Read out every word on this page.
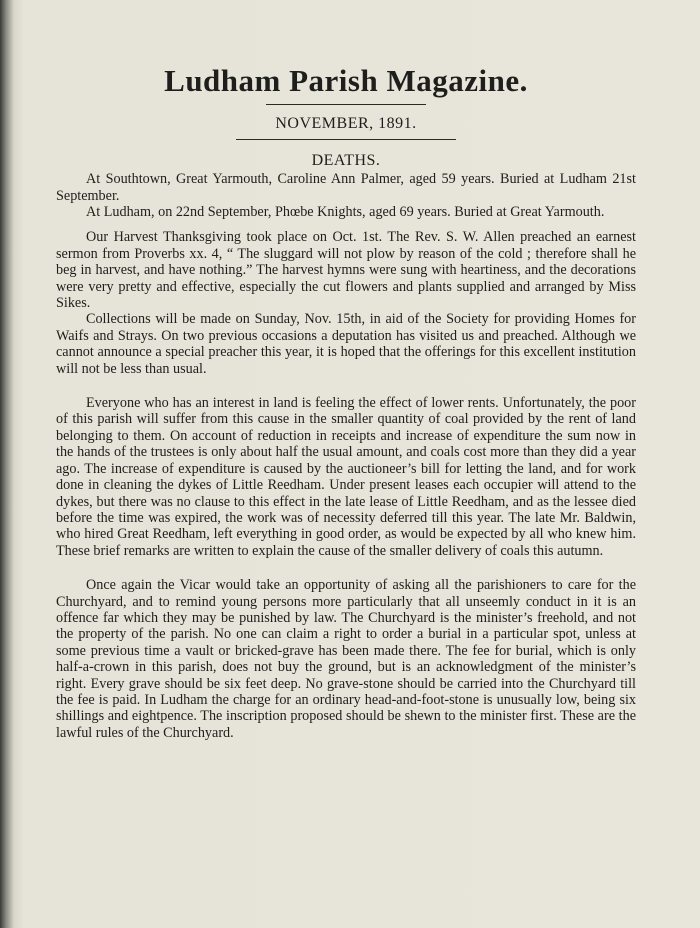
Ludham Parish Magazine.
NOVEMBER, 1891.
DEATHS.

At Southtown, Great Yarmouth, Caroline Ann Palmer, aged 59 years. Buried at Ludham 21st September.

At Ludham, on 22nd September, Phœbe Knights, aged 69 years. Buried at Great Yarmouth.

Our Harvest Thanksgiving took place on Oct. 1st. The Rev. S. W. Allen preached an earnest sermon from Proverbs xx. 4, “ The sluggard will not plow by reason of the cold ; therefore shall he beg in harvest, and have nothing.” The harvest hymns were sung with heartiness, and the decorations were very pretty and effective, especially the cut flowers and plants supplied and arranged by Miss Sikes.

Collections will be made on Sunday, Nov. 15th, in aid of the Society for providing Homes for Waifs and Strays. On two previous occasions a deputation has visited us and preached. Although we cannot announce a special preacher this year, it is hoped that the offerings for this excellent institution will not be less than usual.

Everyone who has an interest in land is feeling the effect of lower rents. Unfortunately, the poor of this parish will suffer from this cause in the smaller quantity of coal provided by the rent of land belonging to them. On account of reduction in receipts and increase of expenditure the sum now in the hands of the trustees is only about half the usual amount, and coals cost more than they did a year ago. The increase of expenditure is caused by the auctioneer’s bill for letting the land, and for work done in cleaning the dykes of Little Reedham. Under present leases each occupier will attend to the dykes, but there was no clause to this effect in the late lease of Little Reedham, and as the lessee died before the time was expired, the work was of necessity deferred till this year. The late Mr. Baldwin, who hired Great Reedham, left everything in good order, as would be expected by all who knew him. These brief remarks are written to explain the cause of the smaller delivery of coals this autumn.

Once again the Vicar would take an opportunity of asking all the parishioners to care for the Churchyard, and to remind young persons more particularly that all unseemly conduct in it is an offence far which they may be punished by law. The Churchyard is the minister’s freehold, and not the property of the parish. No one can claim a right to order a burial in a particular spot, unless at some previous time a vault or bricked-grave has been made there. The fee for burial, which is only half-a-crown in this parish, does not buy the ground, but is an acknowledgment of the minister’s right. Every grave should be six feet deep. No grave-stone should be carried into the Churchyard till the fee is paid. In Ludham the charge for an ordinary head-and-foot-stone is unusually low, being six shillings and eightpence. The inscription proposed should be shewn to the minister first. These are the lawful rules of the Churchyard.
